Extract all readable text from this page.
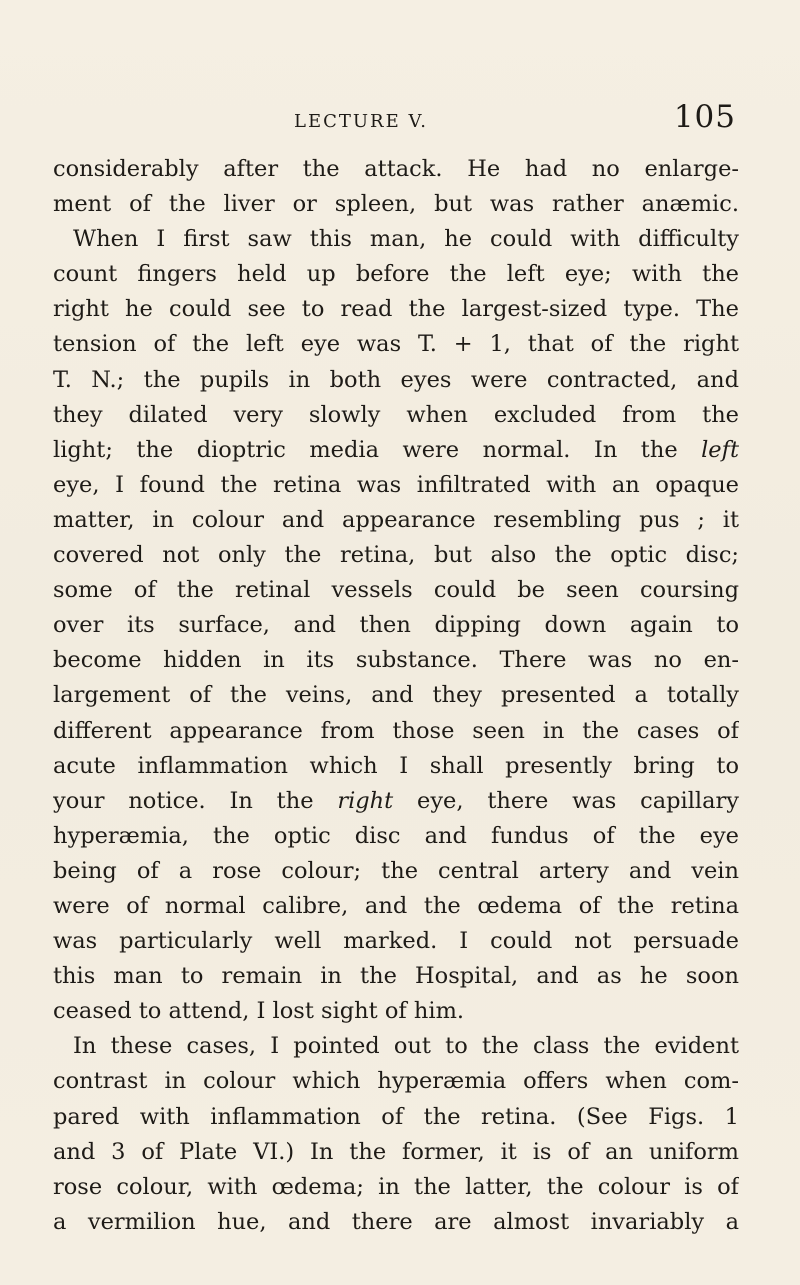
LECTURE V.	105
considerably after the attack. He had no enlarge-
ment of the liver or spleen, but was rather anæmic.
When I first saw this man, he could with difficulty
count fingers held up before the left eye; with the
right he could see to read the largest-sized type. The
tension of the left eye was T. + 1, that of the right
T. N.; the pupils in both eyes were contracted, and
they dilated very slowly when excluded from the
light; the dioptric media were normal. In the left
eye, I found the retina was infiltrated with an opaque
matter, in colour and appearance resembling pus ; it
covered not only the retina, but also the optic disc;
some of the retinal vessels could be seen coursing
over its surface, and then dipping down again to
become hidden in its substance. There was no en-
largement of the veins, and they presented a totally
different appearance from those seen in the cases of
acute inflammation which I shall presently bring to
your notice. In the right eye, there was capillary
hyperæmia, the optic disc and fundus of the eye
being of a rose colour; the central artery and vein
were of normal calibre, and the œdema of the retina
was particularly well marked. I could not persuade
this man to remain in the Hospital, and as he soon
ceased to attend, I lost sight of him.
In these cases, I pointed out to the class the evident
contrast in colour which hyperæmia offers when com-
pared with inflammation of the retina. (See Figs. 1
and 3 of Plate VI.) In the former, it is of an uniform
rose colour, with œdema; in the latter, the colour is of
a vermilion hue, and there are almost invariably a
